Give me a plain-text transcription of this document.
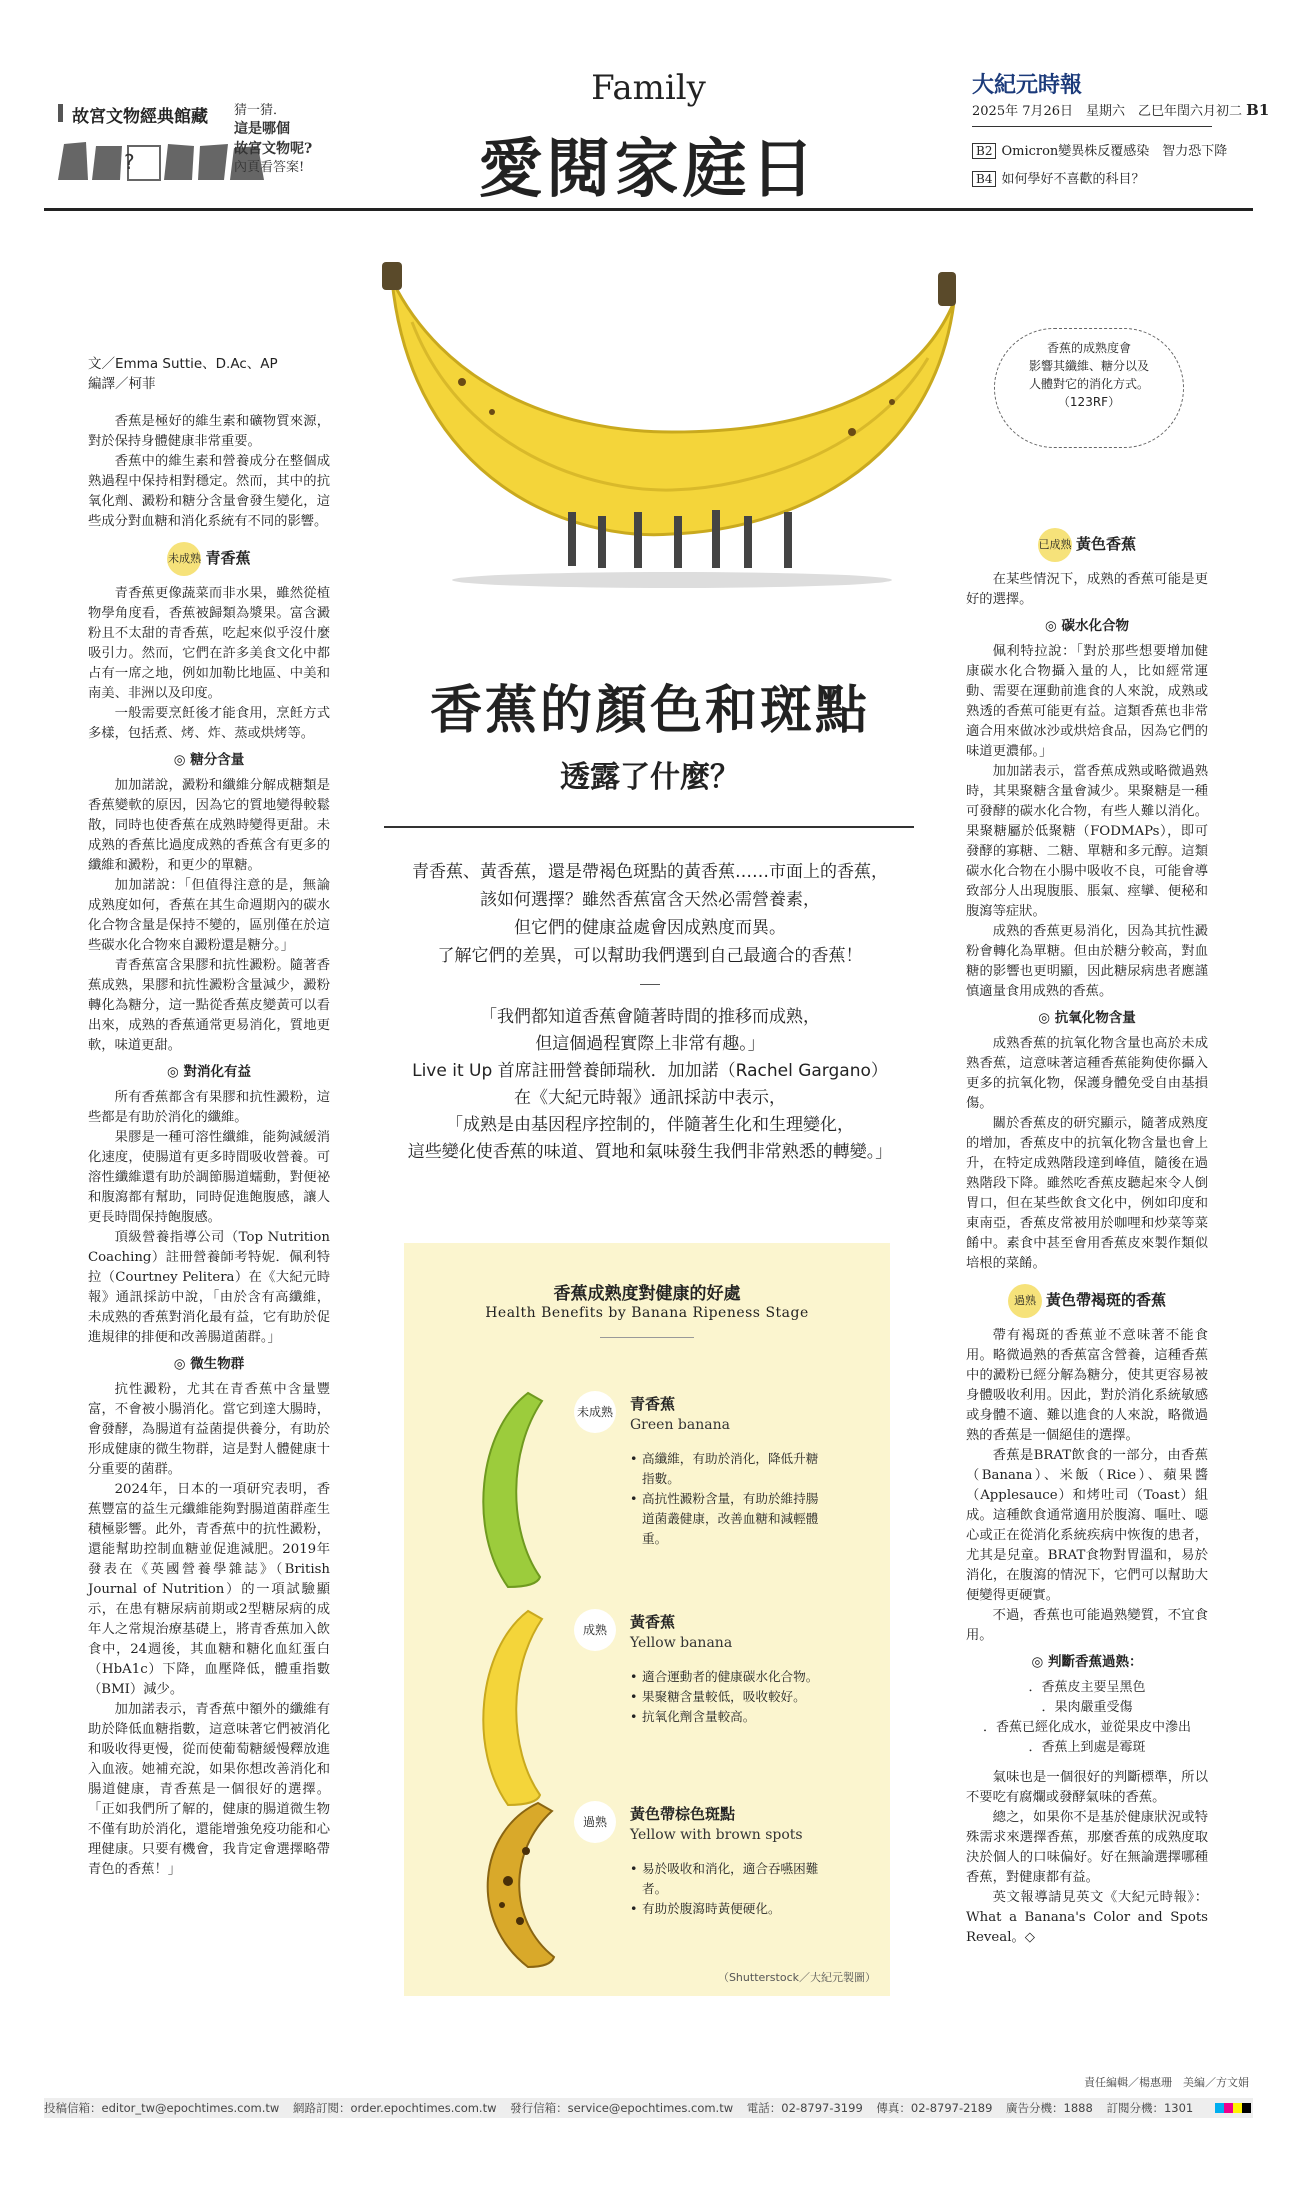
故宮文物經典館藏
?
猜一猜．
這是哪個
故宮文物呢?
內頁看答案!
Family
愛閱家庭日
大紀元時報
2025年 7月26日　星期六　乙巳年閏六月初二 B1
B2 Omicron變異株反覆感染　智力恐下降
B4 如何學好不喜歡的科目？
香蕉的成熟度會
影響其纖維、糖分以及
人體對它的消化方式。
（123RF）
香蕉的顏色和斑點
透露了什麼？
青香蕉、黃香蕉，還是帶褐色斑點的黃香蕉……市面上的香蕉，
該如何選擇？雖然香蕉富含天然必需營養素，
但它們的健康益處會因成熟度而異。
了解它們的差異，可以幫助我們選到自己最適合的香蕉！
「我們都知道香蕉會隨著時間的推移而成熟，
但這個過程實際上非常有趣。」
Live it Up 首席註冊營養師瑞秋．加加諾（Rachel Gargano）
在《大紀元時報》通訊採訪中表示，
「成熟是由基因程序控制的，伴隨著生化和生理變化，
這些變化使香蕉的味道、質地和氣味發生我們非常熟悉的轉變。」
文／Emma Suttie、D.Ac、AP
編譯／柯菲

香蕉是極好的維生素和礦物質來源，對於保持身體健康非常重要。

香蕉中的維生素和營養成分在整個成熟過程中保持相對穩定。然而，其中的抗氧化劑、澱粉和糖分含量會發生變化，這些成分對血糖和消化系統有不同的影響。

未成熟 青香蕉

青香蕉更像蔬菜而非水果，雖然從植物學角度看，香蕉被歸類為漿果。富含澱粉且不太甜的青香蕉，吃起來似乎沒什麼吸引力。然而，它們在許多美食文化中都占有一席之地，例如加勒比地區、中美和南美、非洲以及印度。

一般需要烹飪後才能食用，烹飪方式多樣，包括煮、烤、炸、蒸或烘烤等。

◎ 糖分含量

加加諾說，澱粉和纖維分解成糖類是香蕉變軟的原因，因為它的質地變得較鬆散，同時也使香蕉在成熟時變得更甜。未成熟的香蕉比過度成熟的香蕉含有更多的纖維和澱粉，和更少的單糖。

加加諾說：「但值得注意的是，無論成熟度如何，香蕉在其生命週期內的碳水化合物含量是保持不變的，區別僅在於這些碳水化合物來自澱粉還是糖分。」

青香蕉富含果膠和抗性澱粉。隨著香蕉成熟，果膠和抗性澱粉含量減少，澱粉轉化為糖分，這一點從香蕉皮變黃可以看出來，成熟的香蕉通常更易消化，質地更軟，味道更甜。

◎ 對消化有益

所有香蕉都含有果膠和抗性澱粉，這些都是有助於消化的纖維。

果膠是一種可溶性纖維，能夠減緩消化速度，使腸道有更多時間吸收營養。可溶性纖維還有助於調節腸道蠕動，對便祕和腹瀉都有幫助，同時促進飽腹感，讓人更長時間保持飽腹感。

頂級營養指導公司（Top Nutrition Coaching）註冊營養師考特妮．佩利特拉（Courtney Pelitera）在《大紀元時報》通訊採訪中說，「由於含有高纖維，未成熟的香蕉對消化最有益，它有助於促進規律的排便和改善腸道菌群。」

◎ 微生物群

抗性澱粉，尤其在青香蕉中含量豐富，不會被小腸消化。當它到達大腸時，會發酵，為腸道有益菌提供養分，有助於形成健康的微生物群，這是對人體健康十分重要的菌群。

2024年，日本的一項研究表明，香蕉豐富的益生元纖維能夠對腸道菌群產生積極影響。此外，青香蕉中的抗性澱粉，還能幫助控制血糖並促進減肥。2019年發表在《英國營養學雜誌》（British Journal of Nutrition）的一項試驗顯示，在患有糖尿病前期或2型糖尿病的成年人之常規治療基礎上，將青香蕉加入飲食中，24週後，其血糖和糖化血紅蛋白（HbA1c）下降，血壓降低，體重指數（BMI）減少。

加加諾表示，青香蕉中額外的纖維有助於降低血糖指數，這意味著它們被消化和吸收得更慢，從而使葡萄糖緩慢釋放進入血液。她補充說，如果你想改善消化和腸道健康，青香蕉是一個很好的選擇。「正如我們所了解的，健康的腸道微生物不僅有助於消化，還能增強免疫功能和心理健康。只要有機會，我肯定會選擇略帶青色的香蕉！」

香蕉成熟度對健康的好處
Health Benefits by Banana Ripeness Stage
未成熟 青香蕉
Green banana
• 高纖維，有助於消化，降低升糖指數。
• 高抗性澱粉含量，有助於維持腸道菌叢健康，改善血糖和減輕體重。
成熟	黃香蕉
Yellow banana
• 適合運動者的健康碳水化合物。
• 果聚糖含量較低，吸收較好。
• 抗氧化劑含量較高。
過熟	黃色帶棕色斑點
Yellow with brown spots
• 易於吸收和消化，適合吞嚥困難者。
• 有助於腹瀉時黃便硬化。
（Shutterstock／大紀元製圖）
已成熟 黃色香蕉

在某些情況下，成熟的香蕉可能是更好的選擇。

◎ 碳水化合物

佩利特拉說：「對於那些想要增加健康碳水化合物攝入量的人，比如經常運動、需要在運動前進食的人來說，成熟或熟透的香蕉可能更有益。這類香蕉也非常適合用來做冰沙或烘焙食品，因為它們的味道更濃郁。」

加加諾表示，當香蕉成熟或略微過熟時，其果聚糖含量會減少。果聚糖是一種可發酵的碳水化合物，有些人難以消化。果聚糖屬於低聚糖（FODMAPs），即可發酵的寡糖、二糖、單糖和多元醇。這類碳水化合物在小腸中吸收不良，可能會導致部分人出現腹脹、脹氣、痙攣、便秘和腹瀉等症狀。

成熟的香蕉更易消化，因為其抗性澱粉會轉化為單糖。但由於糖分較高，對血糖的影響也更明顯，因此糖尿病患者應謹慎適量食用成熟的香蕉。

◎ 抗氧化物含量

成熟香蕉的抗氧化物含量也高於未成熟香蕉，這意味著這種香蕉能夠使你攝入更多的抗氧化物，保護身體免受自由基損傷。

關於香蕉皮的研究顯示，隨著成熟度的增加，香蕉皮中的抗氧化物含量也會上升，在特定成熟階段達到峰值，隨後在過熟階段下降。雖然吃香蕉皮聽起來令人倒胃口，但在某些飲食文化中，例如印度和東南亞，香蕉皮常被用於咖哩和炒菜等菜餚中。素食中甚至會用香蕉皮來製作類似培根的菜餚。

過熟 黃色帶褐斑的香蕉

帶有褐斑的香蕉並不意味著不能食用。略微過熟的香蕉富含營養，這種香蕉中的澱粉已經分解為糖分，使其更容易被身體吸收利用。因此，對於消化系統敏感或身體不適、難以進食的人來說，略微過熟的香蕉是一個絕佳的選擇。

香蕉是BRAT飲食的一部分，由香蕉（Banana）、米飯（Rice）、蘋果醬（Applesauce）和烤吐司（Toast）組成。這種飲食通常適用於腹瀉、嘔吐、噁心或正在從消化系統疾病中恢復的患者，尤其是兒童。BRAT食物對胃溫和，易於消化，在腹瀉的情況下，它們可以幫助大便變得更硬實。

不過，香蕉也可能過熟變質，不宜食用。

◎ 判斷香蕉過熟：
．香蕉皮主要呈黑色
．果肉嚴重受傷
．香蕉已經化成水，並從果皮中滲出
．香蕉上到處是霉斑

氣味也是一個很好的判斷標準，所以不要吃有腐爛或發酵氣味的香蕉。

總之，如果你不是基於健康狀況或特殊需求來選擇香蕉，那麼香蕉的成熟度取決於個人的口味偏好。好在無論選擇哪種香蕉，對健康都有益。

英文報導請見英文《大紀元時報》：What a Banana's Color and Spots Reveal。◇

責任編輯／楊惠珊　美編／方文娟
投稿信箱：editor_tw@epochtimes.com.tw 網路訂閱：order.epochtimes.com.tw 發行信箱：service@epochtimes.com.tw 電話：02-8797-3199 傳真：02-8797-2189 廣告分機：1888 訂閱分機：1301
